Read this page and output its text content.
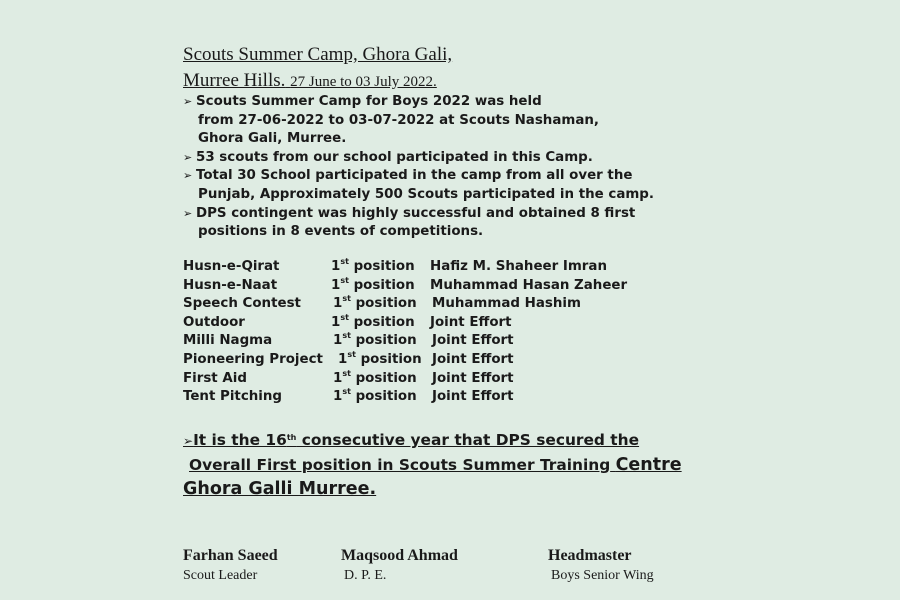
Scouts Summer Camp, Ghora Gali,
Murree Hills. 27 June to 03 July 2022.
➢ Scouts Summer Camp for Boys 2022 was held
from 27-06-2022 to 03-07-2022 at Scouts Nashaman,
Ghora Gali, Murree.
➢ 53 scouts from our school participated in this Camp.
➢ Total 30 School participated in the camp from all over the
Punjab, Approximately 500 Scouts participated in the camp.
➢ DPS contingent was highly successful and obtained 8 first
positions in 8 events of competitions.
Husn-e-Qirat	1st position Hafiz M. Shaheer Imran
Husn-e-Naat	1st position Muhammad Hasan Zaheer
Speech Contest 1st position Muhammad Hashim
Outdoor	1st position Joint Effort
Milli Nagma	1st position Joint Effort
Pioneering Project 1st position Joint Effort
First Aid	1st position Joint Effort
Tent Pitching	1st position Joint Effort
➢It is the 16th consecutive year that DPS secured the
Overall First position in Scouts Summer Training Centre
Ghora Galli Murree.
Farhan Saeed
Scout Leader
Maqsood Ahmad
D. P. E.
Headmaster
Boys Senior Wing
